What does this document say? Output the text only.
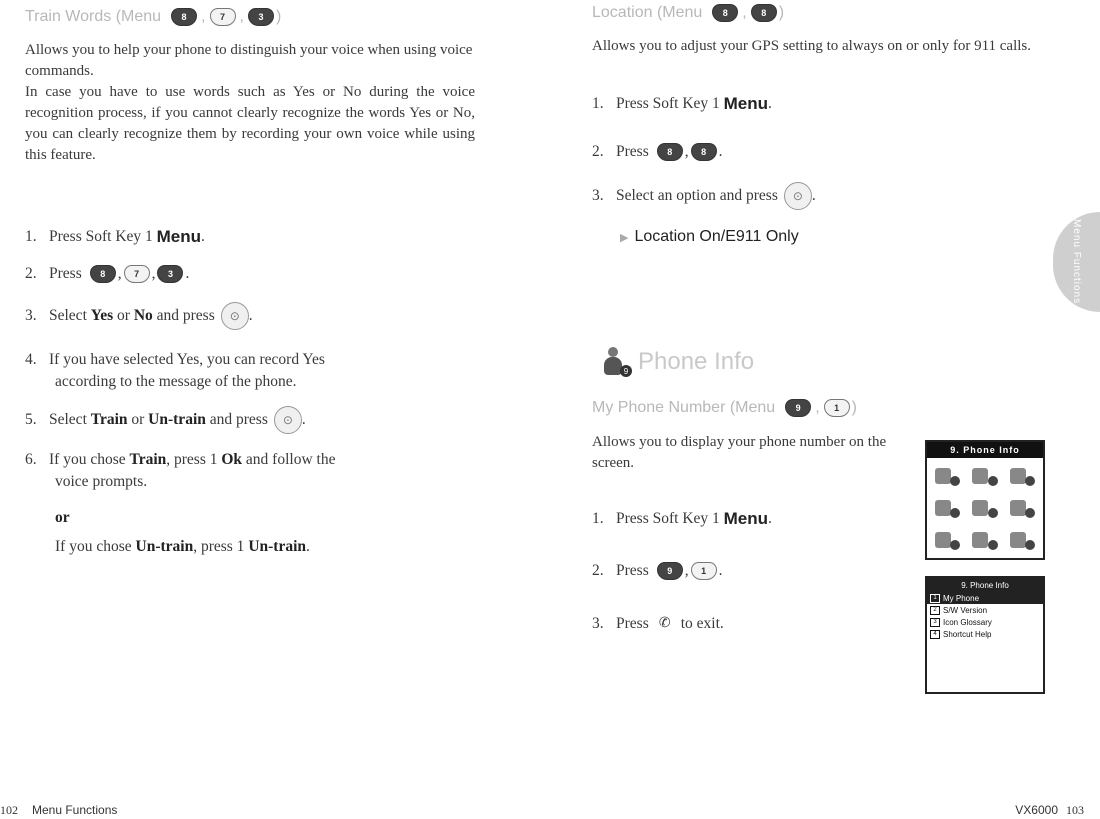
Train Words (Menu	8 ,	7 ,	3 )

Allows you to help your phone to distinguish your voice when using voice commands.

In case you have to use words such as Yes or No during the voice recognition process, if you cannot clearly recognize the words Yes or No, you can clearly recognize them by recording your own voice while using this feature.

1. Press Soft Key 1
Menu .
2. Press	8 ,	7 ,	3 .
3. Select
Yes
or
No
and press	⊙ .
4. If you have selected Yes, you can record Yes
according to the message of the phone.
5. Select
Train
or
Un-train
and press	⊙ .
6. If you chose
Train , press 1
Ok
and follow the
voice prompts.
or
If you chose Un-train, press 1 Un-train.
Location (Menu	8 ,	8 )

Allows you to adjust your GPS setting to always on or only for 911 calls.

1. Press Soft Key 1
Menu .
2. Press	8 ,	8 .
3. Select an option and press	⊙ .
▶ Location On/E911 Only
9 Phone Info
My Phone Number (Menu	9 ,	1 )

Allows you to display your phone number on the screen.

1. Press Soft Key 1
Menu .
2. Press	9 ,	1 .
3. Press ✆ to exit.
9. Phone Info
9. Phone Info
1 My Phone
2 S/W Version
3 Icon Glossary
4 Shortcut Help
Menu Functions
102 Menu Functions	VX6000 103
